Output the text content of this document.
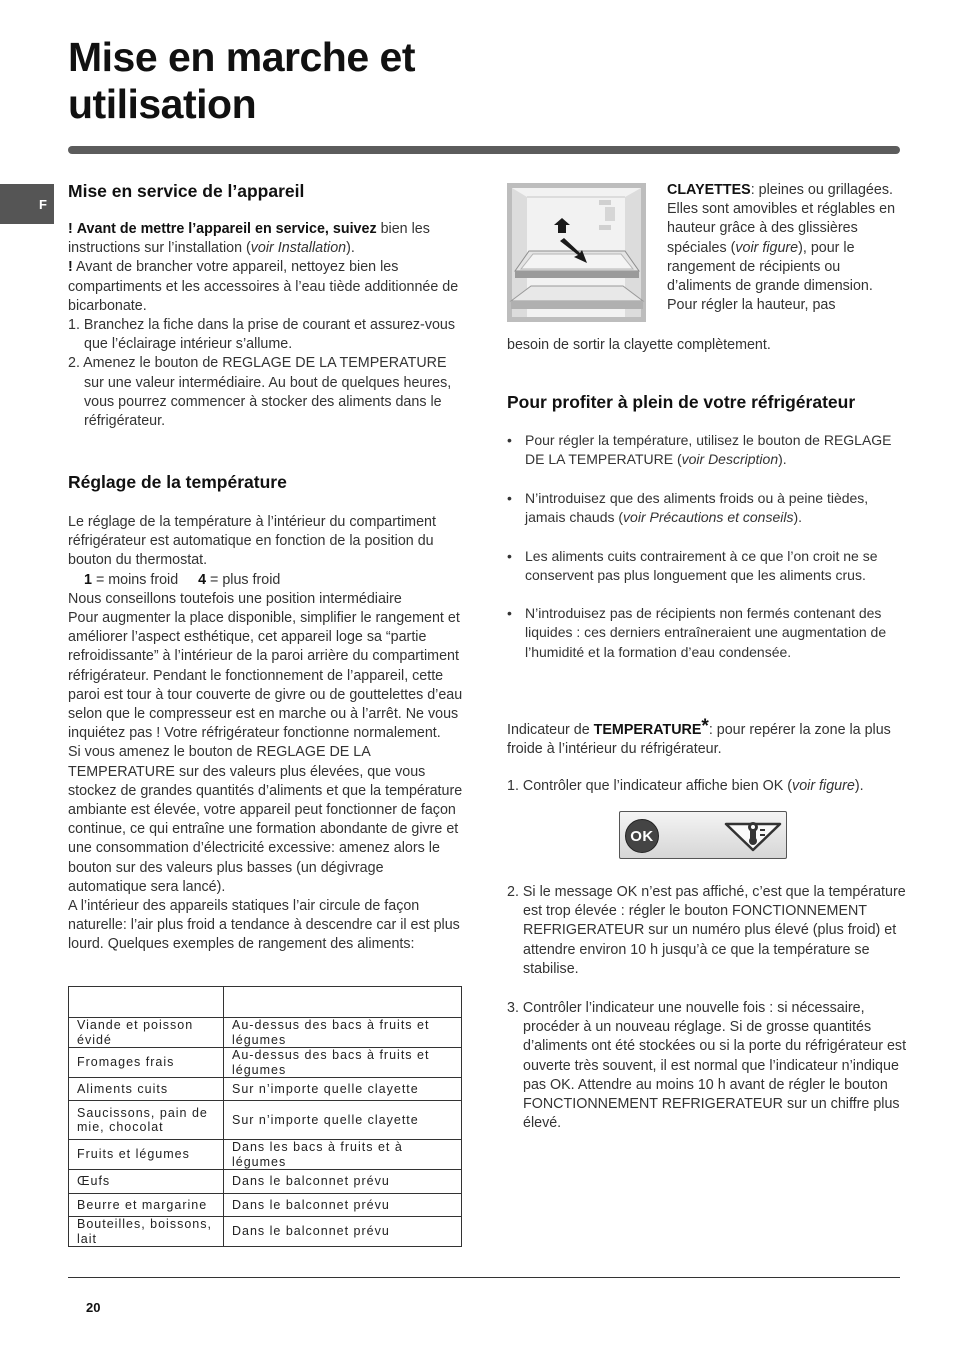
Mise en marche et
utilisation
F
Mise en service de l’appareil
! Avant de mettre l’appareil en service, suivez bien les instructions sur l’installation (voir Installation).
! Avant de brancher votre appareil, nettoyez bien les compartiments et les accessoires à l’eau tiède additionnée de bicarbonate.
1. Branchez la fiche dans la prise de courant et assurez-vous que l’éclairage intérieur s’allume.
2. Amenez le bouton de REGLAGE DE LA TEMPERATURE sur une valeur intermédiaire. Au bout de quelques heures, vous pourrez commencer à stocker des aliments dans le réfrigérateur.
Réglage de la température
Le réglage de la température à l’intérieur du compartiment réfrigérateur est automatique en fonction de la position du bouton du thermostat.
1 = moins froid 4 = plus froid
Nous conseillons toutefois une position intermédiaire
Pour augmenter la place disponible, simplifier le rangement et améliorer l’aspect esthétique, cet appareil loge sa “partie refroidissante” à l’intérieur de la paroi arrière du compartiment réfrigérateur. Pendant le fonctionnement de l’appareil, cette paroi est tour à tour couverte de givre ou de gouttelettes d’eau selon que le compresseur est en marche ou à l’arrêt. Ne vous inquiétez pas ! Votre réfrigérateur fonctionne normalement.
Si vous amenez le bouton de REGLAGE DE LA TEMPERATURE sur des valeurs plus élevées, que vous stockez de grandes quantités d’aliments et que la température ambiante est élevée, votre appareil peut fonctionner de façon continue, ce qui entraîne une formation abondante de givre et une consommation d’électricité excessive: amenez alors le bouton sur des valeurs plus basses (un dégivrage automatique sera lancé).
A l’intérieur des appareils statiques l’air circule de façon naturelle: l’air plus froid a tendance à descendre car il est plus lourd. Quelques exemples de rangement des aliments:

Viande et poisson évidé	Au-dessus des bacs à fruits et légumes
Fromages frais	Au-dessus des bacs à fruits et légumes
Aliments cuits	Sur n’importe quelle clayette
Saucissons, pain de mie, chocolat	Sur n’importe quelle clayette
Fruits et légumes	Dans les bacs à fruits et à légumes
Œufs	Dans le balconnet prévu
Beurre et margarine	Dans le balconnet prévu
Bouteilles, boissons, lait	Dans le balconnet prévu
CLAYETTES: pleines ou grillagées.
Elles sont amovibles et réglables en hauteur grâce à des glissières spéciales (voir figure), pour le rangement de récipients ou d’aliments de grande dimension.
Pour régler la hauteur, pas
besoin de sortir la clayette complètement.
Pour profiter à plein de votre réfrigérateur
• Pour régler la température, utilisez le bouton de REGLAGE DE LA TEMPERATURE (voir Description).
• N’introduisez que des aliments froids ou à peine tièdes, jamais chauds (voir Précautions et conseils).
• Les aliments cuits contrairement à ce que l’on croit ne se conservent pas plus longuement que les aliments crus.
• N’introduisez pas de récipients non fermés contenant des liquides : ces derniers entraîneraient une augmentation de l’humidité et la formation d’eau condensée.
Indicateur de TEMPERATURE*: pour repérer la zone la plus froide à l’intérieur du réfrigérateur.
1. Contrôler que l’indicateur affiche bien OK (voir figure).
OK
2. Si le message OK n’est pas affiché, c’est que la température est trop élevée : régler le bouton FONCTIONNEMENT REFRIGERATEUR sur un numéro plus élevé (plus froid) et attendre environ 10 h jusqu’à ce que la température se stabilise.
3. Contrôler l’indicateur une nouvelle fois : si nécessaire, procéder à un nouveau réglage. Si de grosse quantités d’aliments ont été stockées ou si la porte du réfrigérateur est ouverte très souvent, il est normal que l’indicateur n’indique pas OK. Attendre au moins 10 h avant de régler le bouton FONCTIONNEMENT REFRIGERATEUR sur un chiffre plus élevé.
20
